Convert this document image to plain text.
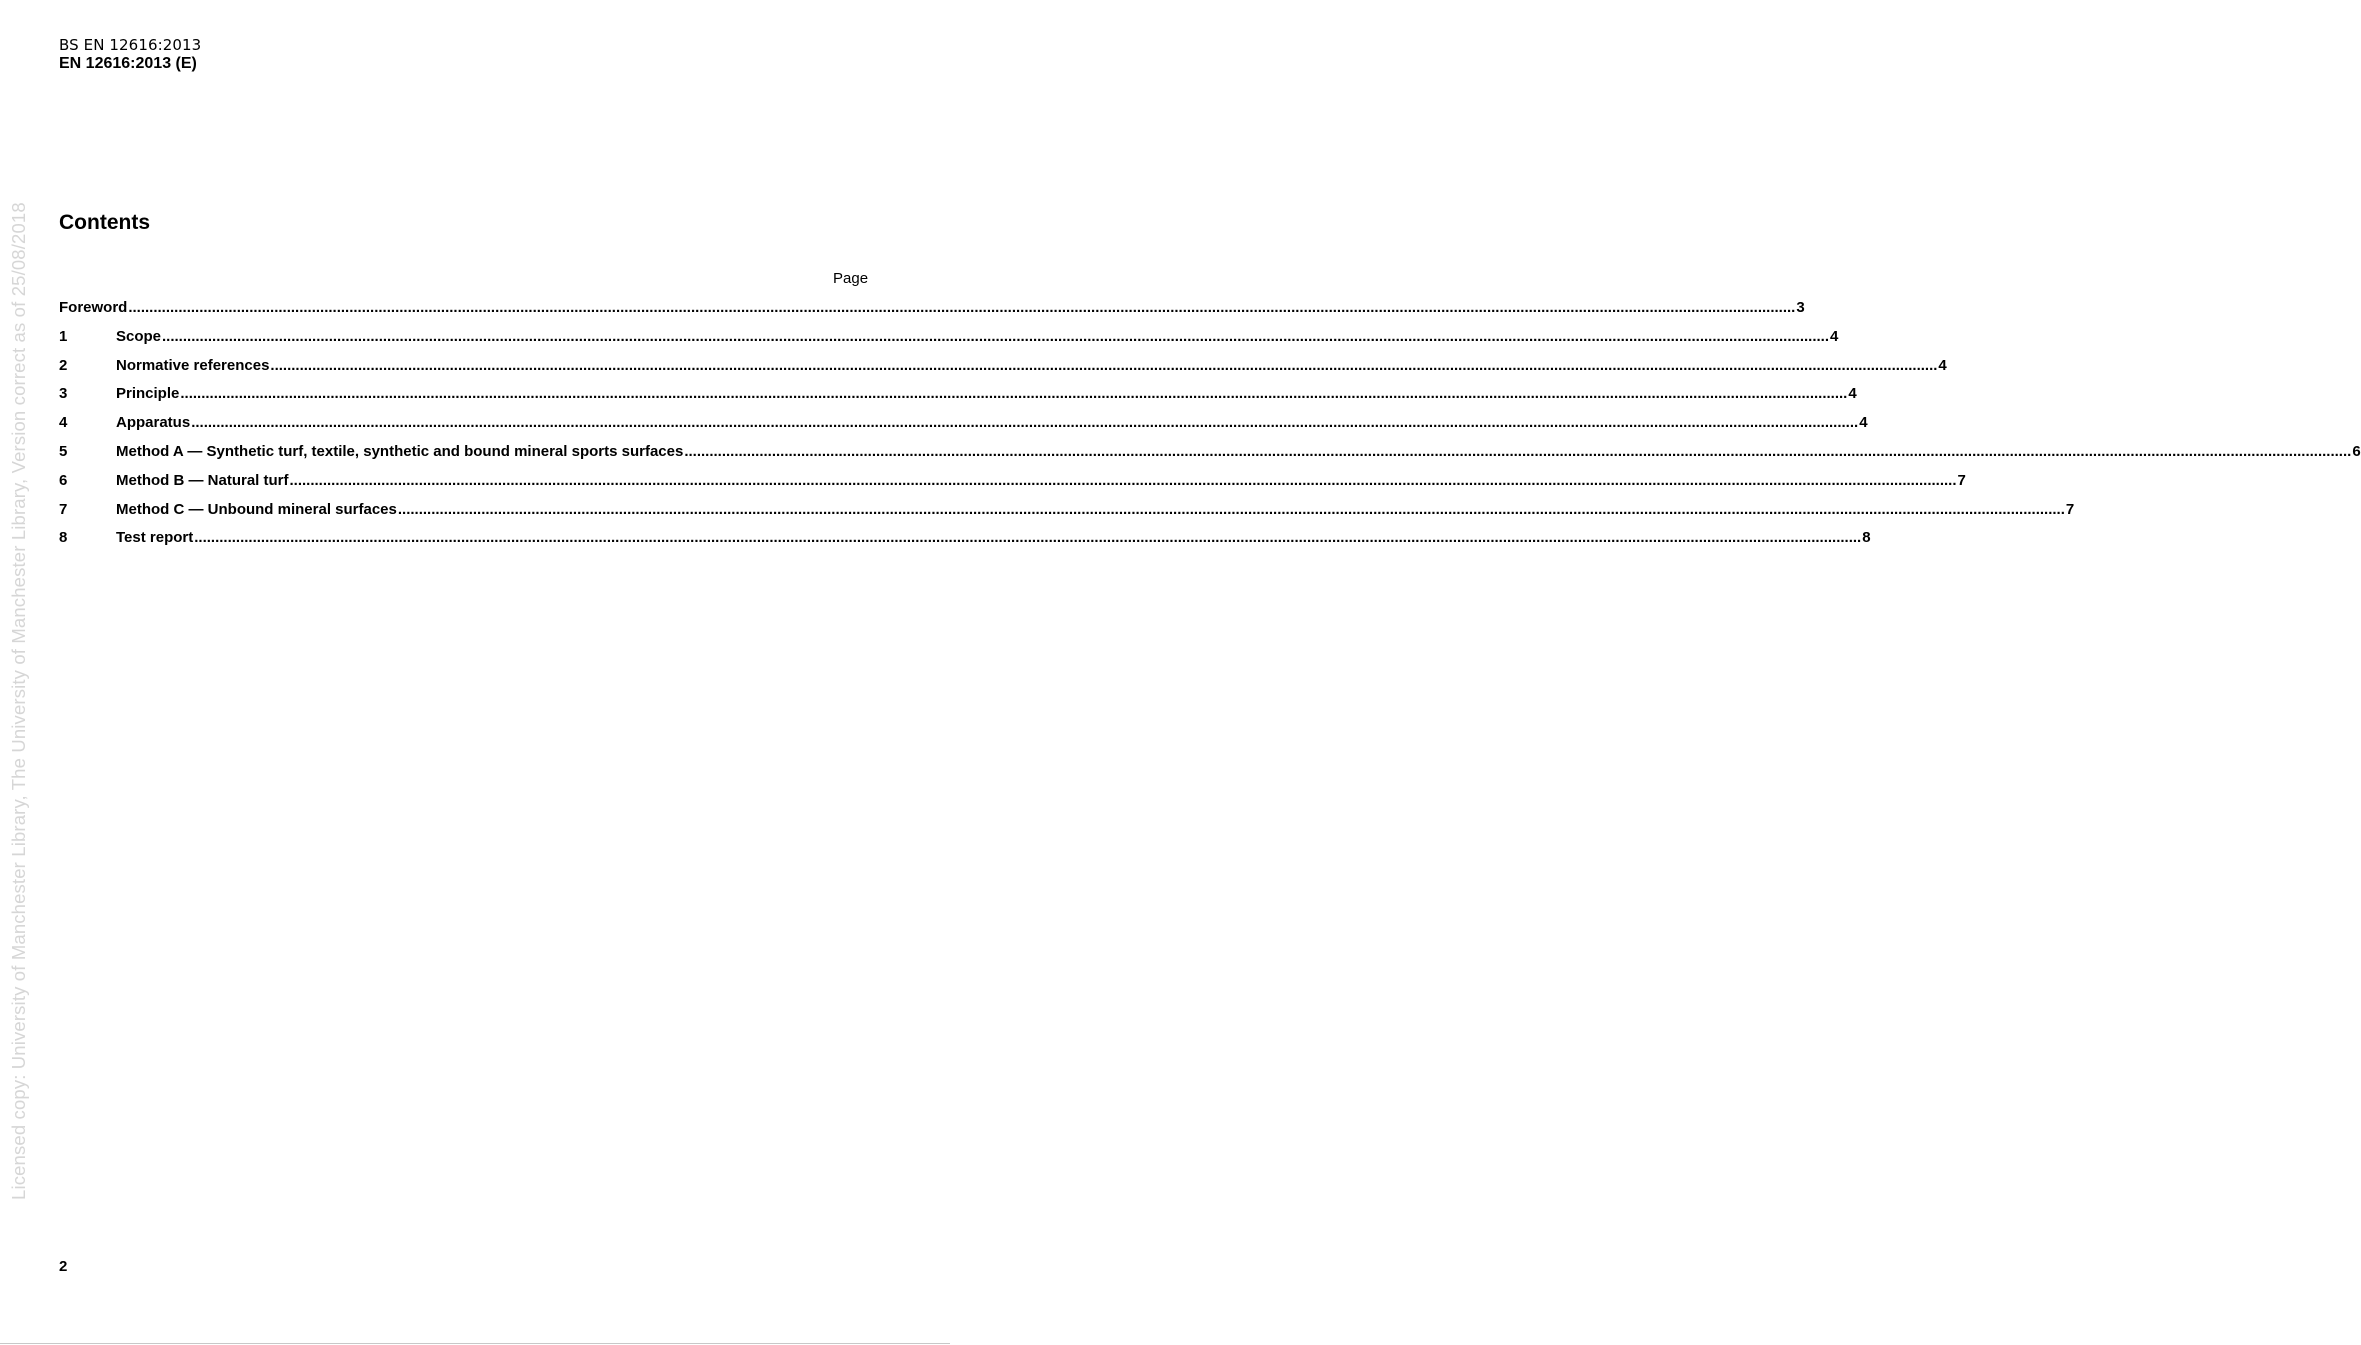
BS EN 12616:2013
EN 12616:2013 (E)
Licensed copy: University of Manchester Library, The University of Manchester Library, Version correct as of 25/08/2018 Contents
Page
Foreword ................................................................................................................................................................................................................................................................................................................................................................................................................ 3
1	Scope ................................................................................................................................................................................................................................................................................................................................................................................................................ 4
2	Normative references ................................................................................................................................................................................................................................................................................................................................................................................................................ 4
3	Principle ................................................................................................................................................................................................................................................................................................................................................................................................................ 4
4	Apparatus ................................................................................................................................................................................................................................................................................................................................................................................................................ 4
5	Method A — Synthetic turf, textile, synthetic and bound mineral sports surfaces ................................................................................................................................................................................................................................................................................................................................................................................................................ 6
6	Method B — Natural turf ................................................................................................................................................................................................................................................................................................................................................................................................................ 7
7	Method C — Unbound mineral surfaces ................................................................................................................................................................................................................................................................................................................................................................................................................ 7
8	Test report ................................................................................................................................................................................................................................................................................................................................................................................................................ 8
2
